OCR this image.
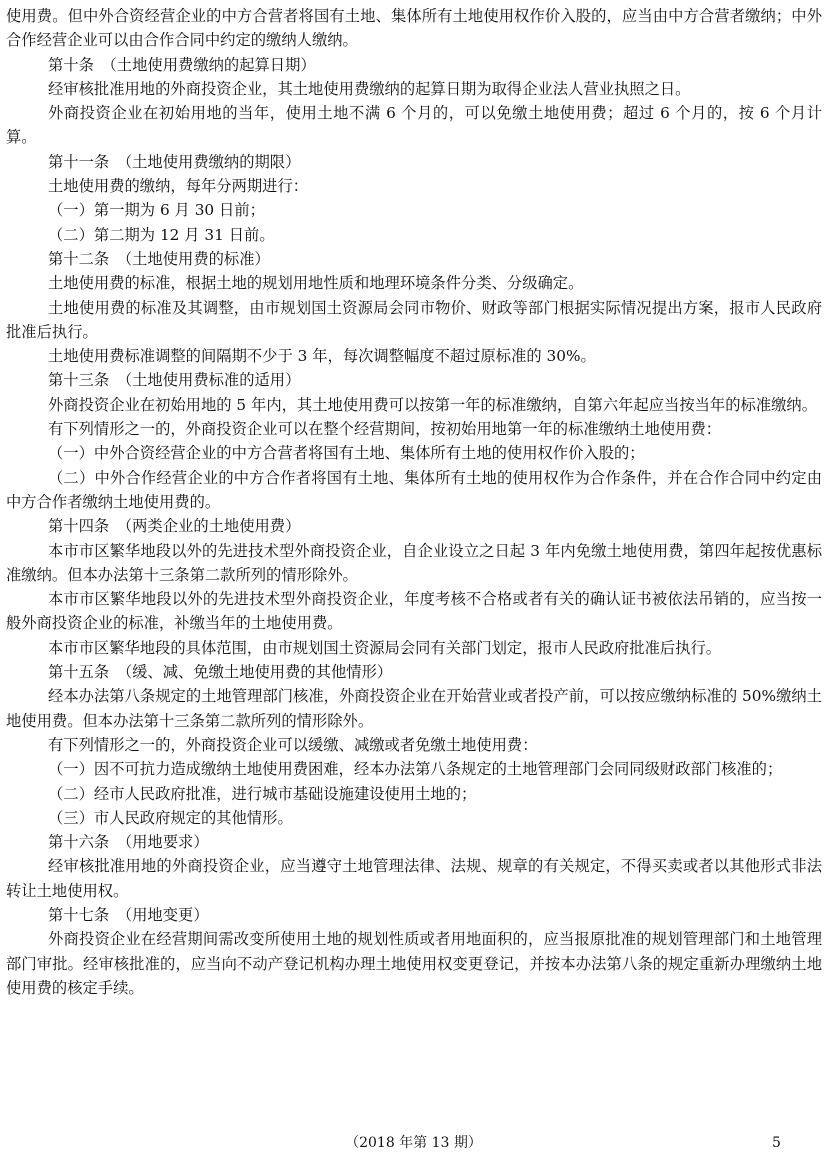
使用费。但中外合资经营企业的中方合营者将国有土地、集体所有土地使用权作价入股的，应当由中方合营者缴纳；中外合作经营企业可以由合作合同中约定的缴纳人缴纳。

第十条　（土地使用费缴纳的起算日期）

经审核批准用地的外商投资企业，其土地使用费缴纳的起算日期为取得企业法人营业执照之日。

外商投资企业在初始用地的当年，使用土地不满 6 个月的，可以免缴土地使用费；超过 6 个月的，按 6 个月计算。

第十一条　（土地使用费缴纳的期限）

土地使用费的缴纳，每年分两期进行：

（一）第一期为 6 月 30 日前；

（二）第二期为 12 月 31 日前。

第十二条　（土地使用费的标准）

土地使用费的标准，根据土地的规划用地性质和地理环境条件分类、分级确定。

土地使用费的标准及其调整，由市规划国土资源局会同市物价、财政等部门根据实际情况提出方案，报市人民政府批准后执行。

土地使用费标准调整的间隔期不少于 3 年，每次调整幅度不超过原标准的 30%。

第十三条　（土地使用费标准的适用）

外商投资企业在初始用地的 5 年内，其土地使用费可以按第一年的标准缴纳，自第六年起应当按当年的标准缴纳。

有下列情形之一的，外商投资企业可以在整个经营期间，按初始用地第一年的标准缴纳土地使用费：

（一）中外合资经营企业的中方合营者将国有土地、集体所有土地的使用权作价入股的；

（二）中外合作经营企业的中方合作者将国有土地、集体所有土地的使用权作为合作条件，并在合作合同中约定由中方合作者缴纳土地使用费的。

第十四条　（两类企业的土地使用费）

本市市区繁华地段以外的先进技术型外商投资企业，自企业设立之日起 3 年内免缴土地使用费，第四年起按优惠标准缴纳。但本办法第十三条第二款所列的情形除外。

本市市区繁华地段以外的先进技术型外商投资企业，年度考核不合格或者有关的确认证书被依法吊销的，应当按一般外商投资企业的标准，补缴当年的土地使用费。

本市市区繁华地段的具体范围，由市规划国土资源局会同有关部门划定，报市人民政府批准后执行。

第十五条　（缓、减、免缴土地使用费的其他情形）

经本办法第八条规定的土地管理部门核准，外商投资企业在开始营业或者投产前，可以按应缴纳标准的 50%缴纳土地使用费。但本办法第十三条第二款所列的情形除外。

有下列情形之一的，外商投资企业可以缓缴、减缴或者免缴土地使用费：

（一）因不可抗力造成缴纳土地使用费困难，经本办法第八条规定的土地管理部门会同同级财政部门核准的；

（二）经市人民政府批准，进行城市基础设施建设使用土地的；

（三）市人民政府规定的其他情形。

第十六条　（用地要求）

经审核批准用地的外商投资企业，应当遵守土地管理法律、法规、规章的有关规定，不得买卖或者以其他形式非法转让土地使用权。

第十七条　（用地变更）

外商投资企业在经营期间需改变所使用土地的规划性质或者用地面积的，应当报原批准的规划管理部门和土地管理部门审批。经审核批准的，应当向不动产登记机构办理土地使用权变更登记，并按本办法第八条的规定重新办理缴纳土地使用费的核定手续。

（2018 年第 13 期）	5
